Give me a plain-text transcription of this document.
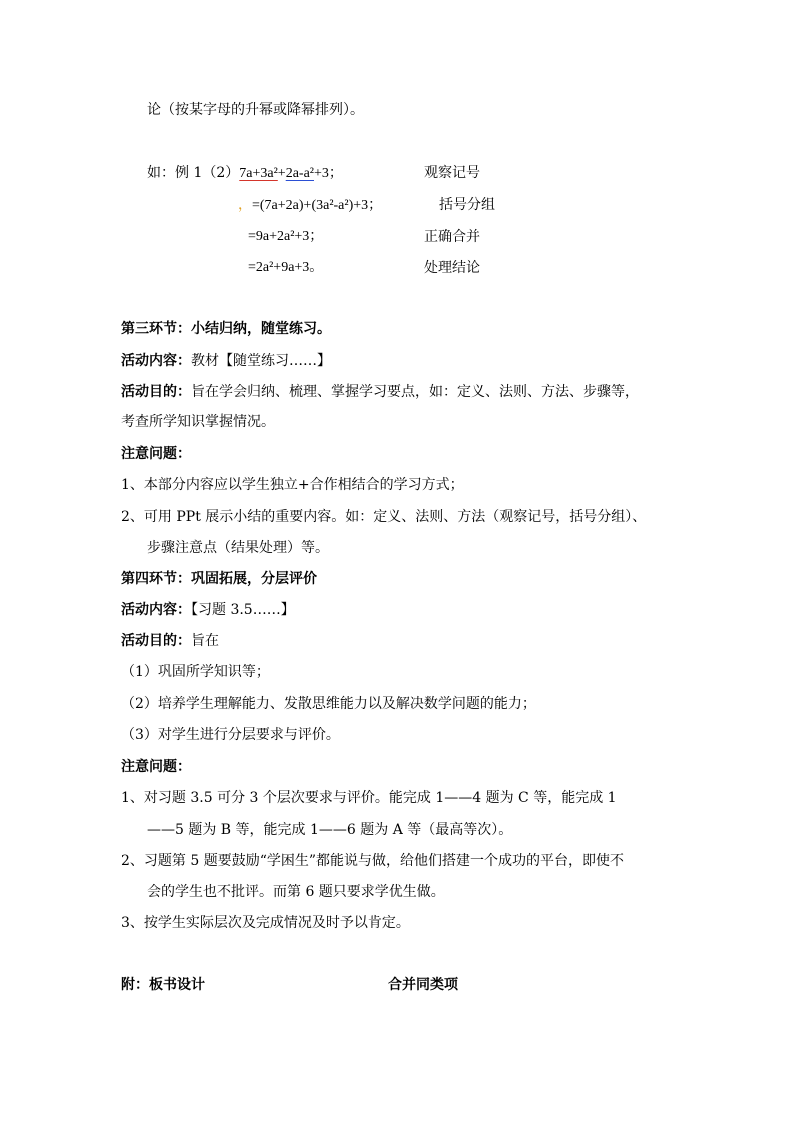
论（按某字母的升幂或降幂排列）。
如：例 1（2）7a+3a²+2a-a²+3；	观察记号
，=(7a+2a)+(3a²-a²)+3；	括号分组
=9a+2a²+3；	正确合并
=2a²+9a+3。	处理结论
第三环节：小结归纳，随堂练习。
活动内容：教材【随堂练习……】
活动目的：旨在学会归纳、梳理、掌握学习要点，如：定义、法则、方法、步骤等，
考查所学知识掌握情况。
注意问题：
1、本部分内容应以学生独立+合作相结合的学习方式；
2、可用 PPt 展示小结的重要内容。如：定义、法则、方法（观察记号，括号分组）、
步骤注意点（结果处理）等。
第四环节：巩固拓展，分层评价
活动内容：【习题 3.5……】
活动目的：旨在
（1）巩固所学知识等；
（2）培养学生理解能力、发散思维能力以及解决数学问题的能力；
（3）对学生进行分层要求与评价。
注意问题：
1、对习题 3.5 可分 3 个层次要求与评价。能完成 1——4 题为 C 等，能完成 1
——5 题为 B 等，能完成 1——6 题为 A 等（最高等次）。
2、习题第 5 题要鼓励“学困生”都能说与做，给他们搭建一个成功的平台，即使不
会的学生也不批评。而第 6 题只要求学优生做。
3、按学生实际层次及完成情况及时予以肯定。
附：板书设计	合并同类项
